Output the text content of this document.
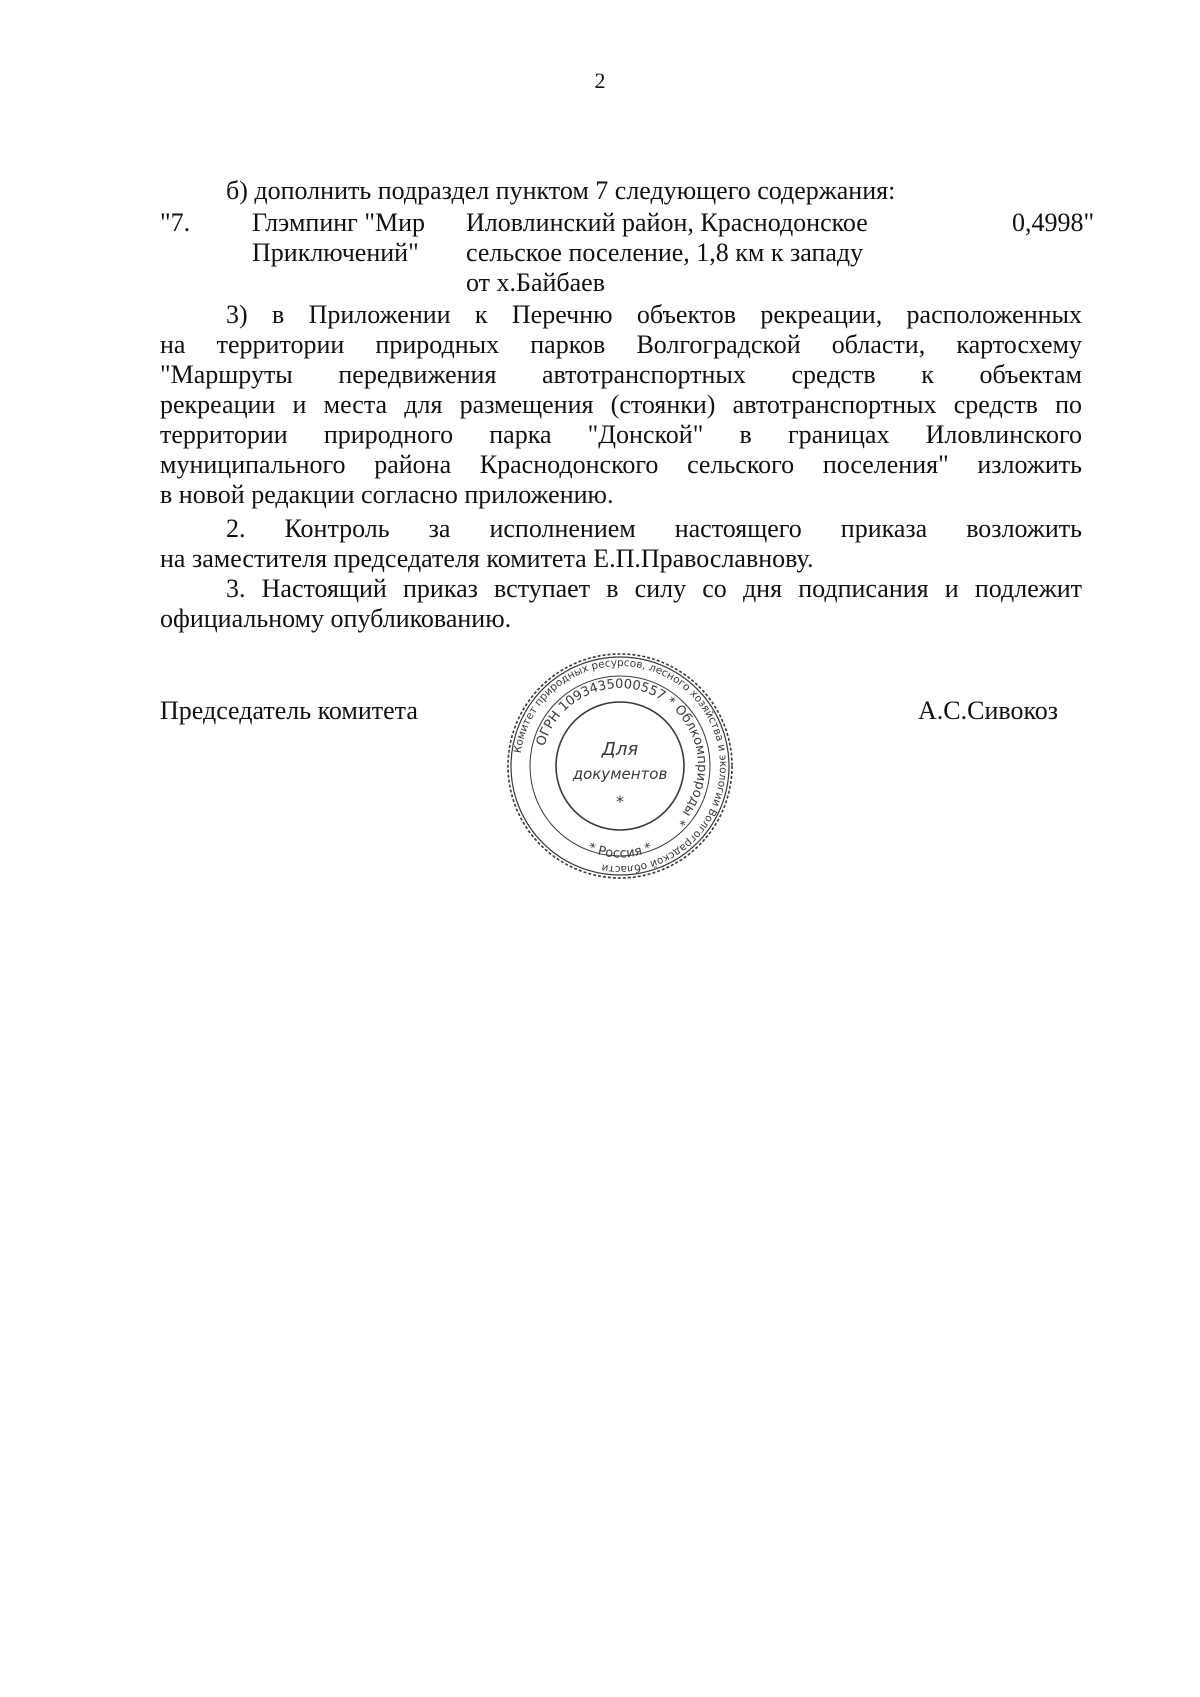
2
б) дополнить подраздел пунктом 7 следующего содержания:
"7. Глэмпинг "Мир
Приключений"
Иловлинский район, Краснодонское
сельское поселение, 1,8 км к западу
от х.Байбаев
0,4998"
3) в Приложении к Перечню объектов рекреации, расположенных
на территории природных парков Волгоградской области, картосхему
"Маршруты передвижения автотранспортных средств к объектам
рекреации и места для размещения (стоянки) автотранспортных средств по
территории природного парка "Донской" в границах Иловлинского
муниципального района Краснодонского сельского поселения" изложить
в новой редакции согласно приложению.
2. Контроль за исполнением настоящего приказа возложить
на заместителя председателя комитета Е.П.Православнову.
3. Настоящий приказ вступает в силу со дня подписания и подлежит
официальному опубликованию.
Председатель комитета	А.С.Сивокоз
Комитет природных ресурсов, лесного хозяйства и экологии Волгоградской области
ОГРН 1093435000557 * Облкомприроды *
* Россия *
Для
документов
*
